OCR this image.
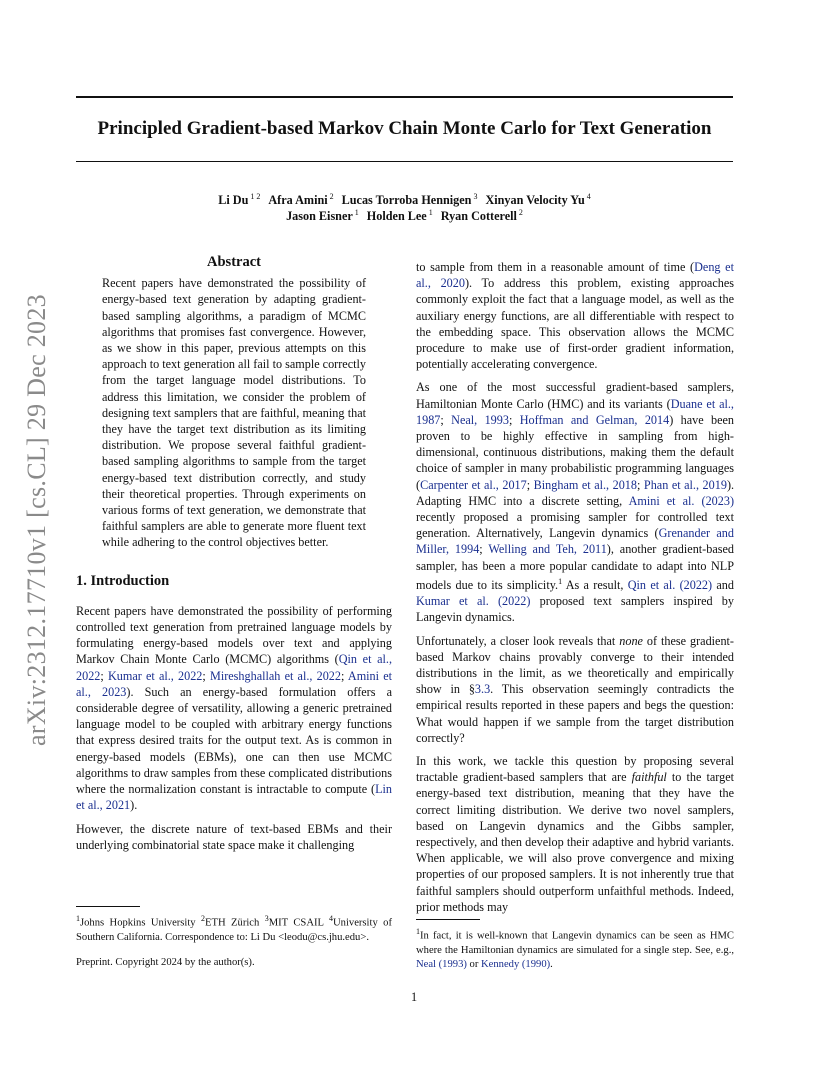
arXiv:2312.17710v1 [cs.CL] 29 Dec 2023
Principled Gradient-based Markov Chain Monte Carlo for Text Generation
Li Du $^{1 2}$ Afra Amini $^2$ Lucas Torroba Hennigen $^3$ Xinyan Velocity Yu $^4$
Jason Eisner $^1$ Holden Lee $^1$ Ryan Cotterell $^2$
Abstract

Recent papers have demonstrated the possibility of energy-based text generation by adapting gradient-based sampling algorithms, a paradigm of MCMC algorithms that promises fast convergence. However, as we show in this paper, previous attempts on this approach to text generation all fail to sample correctly from the target language model distributions. To address this limitation, we consider the problem of designing text samplers that are faithful, meaning that they have the target text distribution as its limiting distribution. We propose several faithful gradient-based sampling algorithms to sample from the target energy-based text distribution correctly, and study their theoretical properties. Through experiments on various forms of text generation, we demonstrate that faithful samplers are able to generate more fluent text while adhering to the control objectives better.

1. Introduction

Recent papers have demonstrated the possibility of performing controlled text generation from pretrained language models by formulating energy-based models over text and applying Markov Chain Monte Carlo (MCMC) algorithms (Qin et al., 2022; Kumar et al., 2022; Mireshghallah et al., 2022; Amini et al., 2023). Such an energy-based formulation offers a considerable degree of versatility, allowing a generic pretrained language model to be coupled with arbitrary energy functions that express desired traits for the output text. As is common in energy-based models (EBMs), one can then use MCMC algorithms to draw samples from these complicated distributions where the normalization constant is intractable to compute (Lin et al., 2021).

However, the discrete nature of text-based EBMs and their underlying combinatorial state space make it challenging

to sample from them in a reasonable amount of time (Deng et al., 2020). To address this problem, existing approaches commonly exploit the fact that a language model, as well as the auxiliary energy functions, are all differentiable with respect to the embedding space. This observation allows the MCMC procedure to make use of first-order gradient information, potentially accelerating convergence.

As one of the most successful gradient-based samplers, Hamiltonian Monte Carlo (HMC) and its variants (Duane et al., 1987; Neal, 1993; Hoffman and Gelman, 2014) have been proven to be highly effective in sampling from high-dimensional, continuous distributions, making them the default choice of sampler in many probabilistic programming languages (Carpenter et al., 2017; Bingham et al., 2018; Phan et al., 2019). Adapting HMC into a discrete setting, Amini et al. (2023) recently proposed a promising sampler for controlled text generation. Alternatively, Langevin dynamics (Grenander and Miller, 1994; Welling and Teh, 2011), another gradient-based sampler, has been a more popular candidate to adapt into NLP models due to its simplicity.$^1$ As a result, Qin et al. (2022) and Kumar et al. (2022) proposed text samplers inspired by Langevin dynamics.

Unfortunately, a closer look reveals that none of these gradient-based Markov chains provably converge to their intended distributions in the limit, as we theoretically and empirically show in §3.3. This observation seemingly contradicts the empirical results reported in these papers and begs the question: What would happen if we sample from the target distribution correctly?

In this work, we tackle this question by proposing several tractable gradient-based samplers that are faithful to the target energy-based text distribution, meaning that they have the correct limiting distribution. We derive two novel samplers, based on Langevin dynamics and the Gibbs sampler, respectively, and then develop their adaptive and hybrid variants. When applicable, we will also prove convergence and mixing properties of our proposed samplers. It is not inherently true that faithful samplers should outperform unfaithful methods. Indeed, prior methods may

$^1$Johns Hopkins University $^2$ETH Zürich $^3$MIT CSAIL $^4$University of Southern California. Correspondence to: Li Du <leodu@cs.jhu.edu>.

Preprint. Copyright 2024 by the author(s).

$^1$In fact, it is well-known that Langevin dynamics can be seen as HMC where the Hamiltonian dynamics are simulated for a single step. See, e.g., Neal (1993) or Kennedy (1990).

1
